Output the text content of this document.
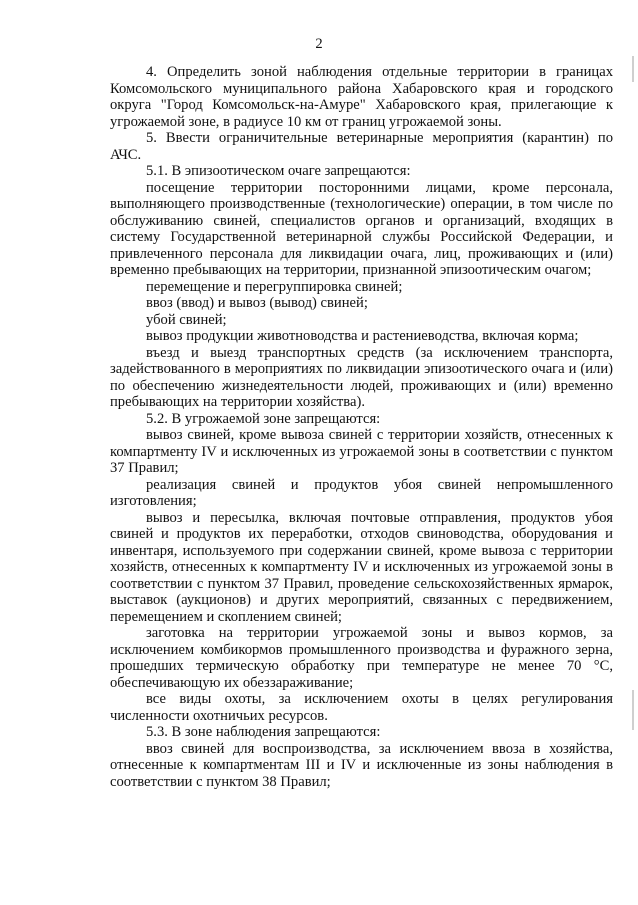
2

4. Определить зоной наблюдения отдельные территории в границах Комсомольского муниципального района Хабаровского края и городского округа "Город Комсомольск-на-Амуре" Хабаровского края, прилегающие к угрожаемой зоне, в радиусе 10 км от границ угрожаемой зоны.

5. Ввести ограничительные ветеринарные мероприятия (карантин) по АЧС.

5.1. В эпизоотическом очаге запрещаются:

посещение территории посторонними лицами, кроме персонала, выполняющего производственные (технологические) операции, в том числе по обслуживанию свиней, специалистов органов и организаций, входящих в систему Государственной ветеринарной службы Российской Федерации, и привлеченного персонала для ликвидации очага, лиц, проживающих и (или) временно пребывающих на территории, признанной эпизоотическим очагом;

перемещение и перегруппировка свиней;

ввоз (ввод) и вывоз (вывод) свиней;

убой свиней;

вывоз продукции животноводства и растениеводства, включая корма;

въезд и выезд транспортных средств (за исключением транспорта, задействованного в мероприятиях по ликвидации эпизоотического очага и (или) по обеспечению жизнедеятельности людей, проживающих и (или) временно пребывающих на территории хозяйства).

5.2. В угрожаемой зоне запрещаются:

вывоз свиней, кроме вывоза свиней с территории хозяйств, отнесенных к компартменту IV и исключенных из угрожаемой зоны в соответствии с пунктом 37 Правил;

реализация свиней и продуктов убоя свиней непромышленного изготовления;

вывоз и пересылка, включая почтовые отправления, продуктов убоя свиней и продуктов их переработки, отходов свиноводства, оборудования и инвентаря, используемого при содержании свиней, кроме вывоза с территории хозяйств, отнесенных к компартменту IV и исключенных из угрожаемой зоны в соответствии с пунктом 37 Правил, проведение сельскохозяйственных ярмарок, выставок (аукционов) и других мероприятий, связанных с передвижением, перемещением и скоплением свиней;

заготовка на территории угрожаемой зоны и вывоз кормов, за исключением комбикормов промышленного производства и фуражного зерна, прошедших термическую обработку при температуре не менее 70 °С, обеспечивающую их обеззараживание;

все виды охоты, за исключением охоты в целях регулирования численности охотничьих ресурсов.

5.3. В зоне наблюдения запрещаются:

ввоз свиней для воспроизводства, за исключением ввоза в хозяйства, отнесенные к компартментам III и IV и исключенные из зоны наблюдения в соответствии с пунктом 38 Правил;
